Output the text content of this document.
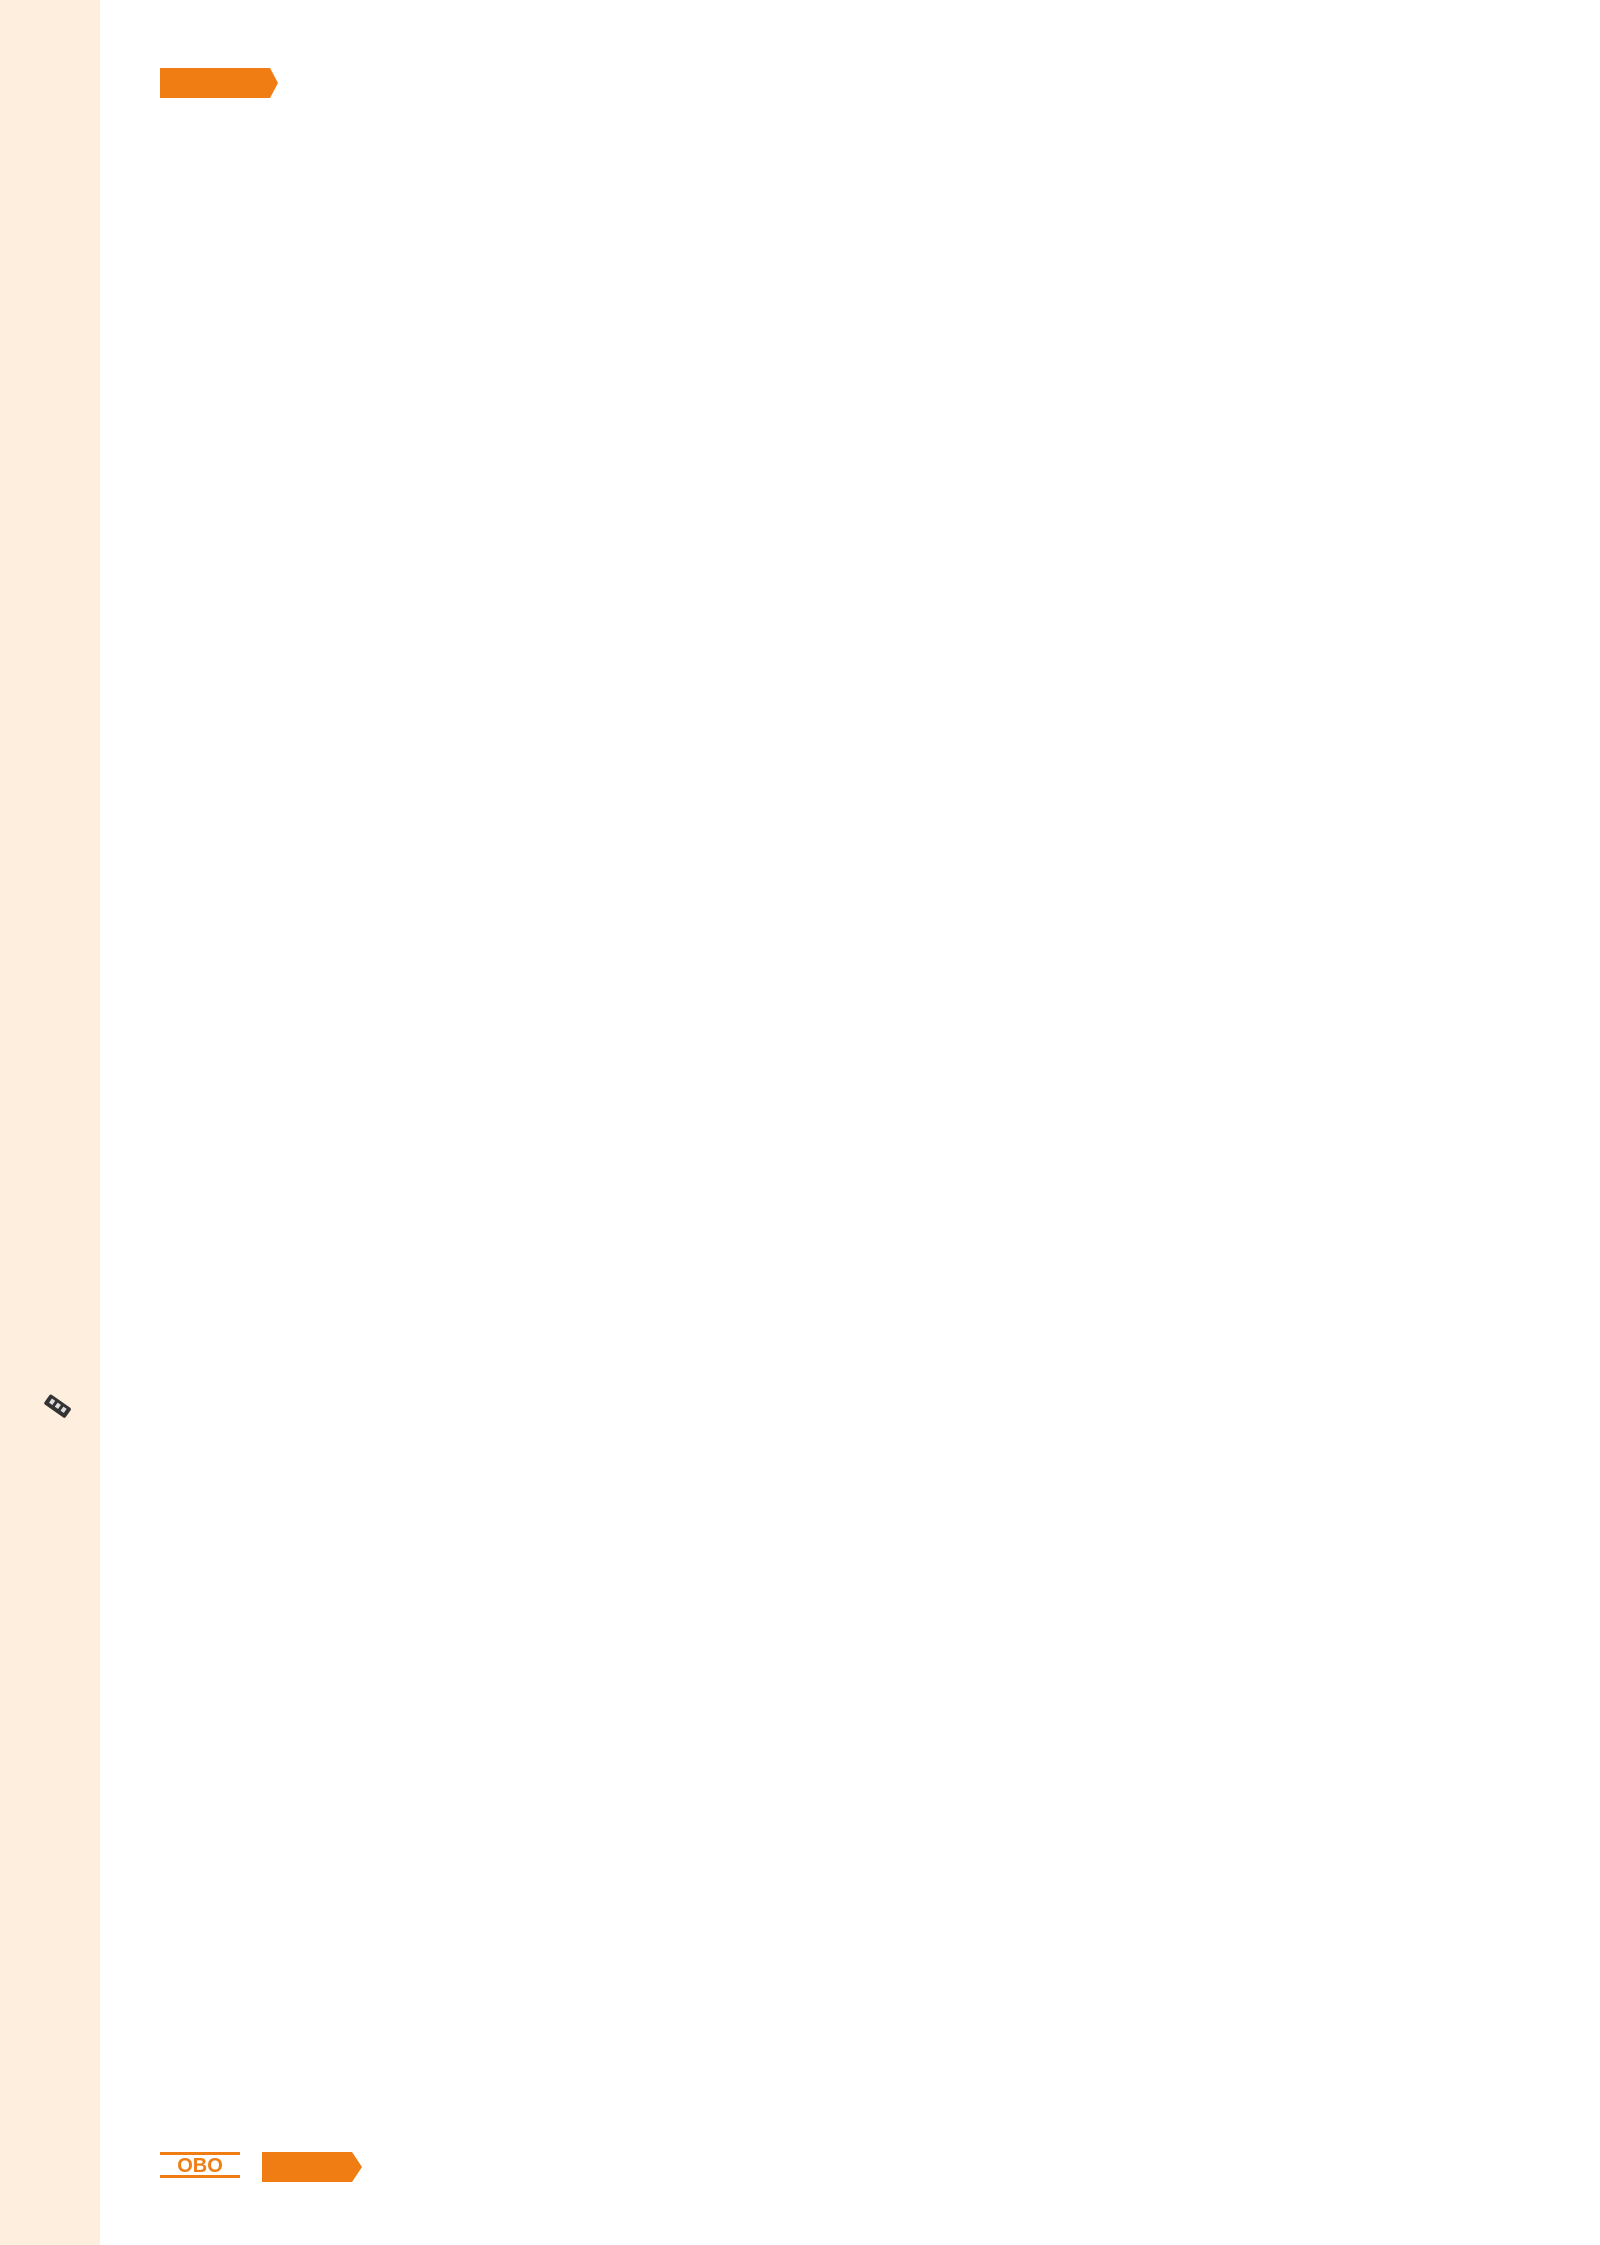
OBO
